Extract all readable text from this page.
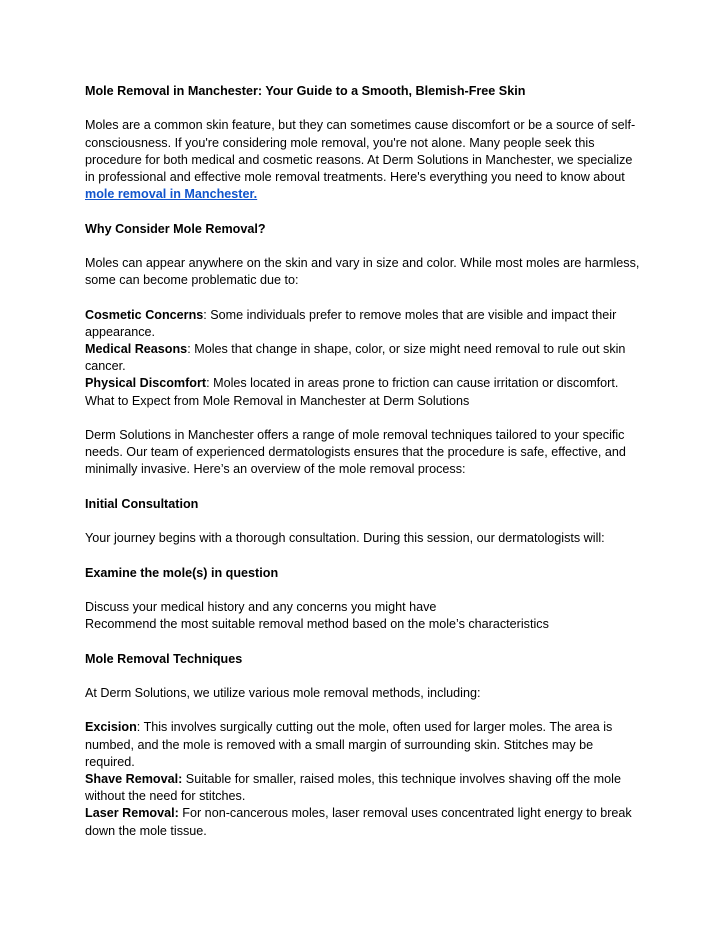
Mole Removal in Manchester: Your Guide to a Smooth, Blemish-Free Skin

Moles are a common skin feature, but they can sometimes cause discomfort or be a source of self-consciousness. If you're considering mole removal, you're not alone. Many people seek this procedure for both medical and cosmetic reasons. At Derm Solutions in Manchester, we specialize in professional and effective mole removal treatments. Here's everything you need to know about mole removal in Manchester.

Why Consider Mole Removal?

Moles can appear anywhere on the skin and vary in size and color. While most moles are harmless, some can become problematic due to:

Cosmetic Concerns: Some individuals prefer to remove moles that are visible and impact their appearance.

Medical Reasons: Moles that change in shape, color, or size might need removal to rule out skin cancer.

Physical Discomfort: Moles located in areas prone to friction can cause irritation or discomfort.

What to Expect from Mole Removal in Manchester at Derm Solutions

Derm Solutions in Manchester offers a range of mole removal techniques tailored to your specific needs. Our team of experienced dermatologists ensures that the procedure is safe, effective, and minimally invasive. Here’s an overview of the mole removal process:

Initial Consultation

Your journey begins with a thorough consultation. During this session, our dermatologists will:

Examine the mole(s) in question

Discuss your medical history and any concerns you might have

Recommend the most suitable removal method based on the mole’s characteristics

Mole Removal Techniques

At Derm Solutions, we utilize various mole removal methods, including:

Excision: This involves surgically cutting out the mole, often used for larger moles. The area is numbed, and the mole is removed with a small margin of surrounding skin. Stitches may be required.

Shave Removal: Suitable for smaller, raised moles, this technique involves shaving off the mole without the need for stitches.

Laser Removal: For non-cancerous moles, laser removal uses concentrated light energy to break down the mole tissue.
